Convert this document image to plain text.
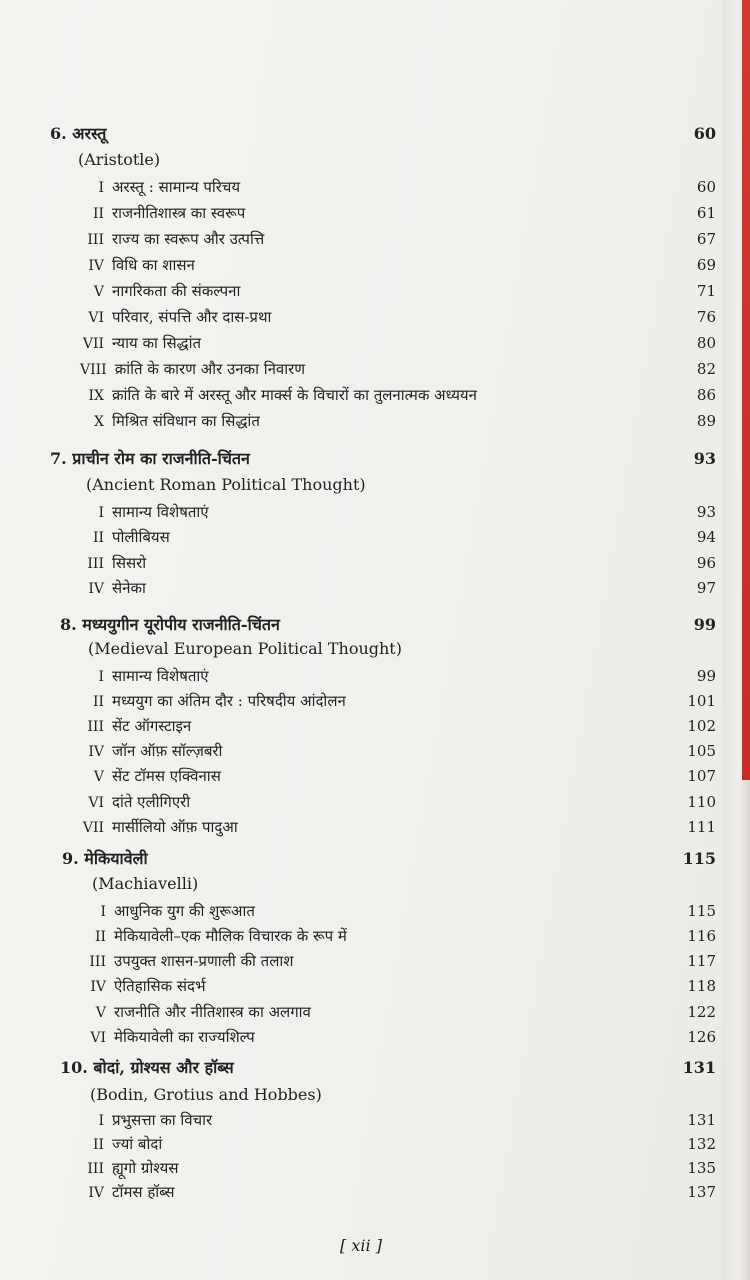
6. अरस्तू	60
(Aristotle)
I अरस्तू : सामान्य परिचय	60
II राजनीतिशास्त्र का स्वरूप	61
III राज्य का स्वरूप और उत्पत्ति	67
IV विधि का शासन	69
V नागरिकता की संकल्पना	71
VI परिवार, संपत्ति और दास-प्रथा	76
VII न्याय का सिद्धांत	80
VIII क्रांति के कारण और उनका निवारण	82
IX क्रांति के बारे में अरस्तू और मार्क्स के विचारों का तुलनात्मक अध्ययन	86
X मिश्रित संविधान का सिद्धांत	89
7. प्राचीन रोम का राजनीति-चिंतन	93
(Ancient Roman Political Thought)
I सामान्य विशेषताएं	93
II पोलीबियस	94
III सिसरो	96
IV सेनेका	97
8. मध्ययुगीन यूरोपीय राजनीति-चिंतन	99
(Medieval European Political Thought)
I सामान्य विशेषताएं	99
II मध्ययुग का अंतिम दौर : परिषदीय आंदोलन	101
III सेंट ऑगस्टाइन	102
IV जॉन ऑफ़ सॉल्ज़बरी	105
V सेंट टॉमस एक्विनास	107
VI दांते एलीगिएरी	110
VII मार्सीलियो ऑफ़ पादुआ	111
9. मेकियावेली	115
(Machiavelli)
I आधुनिक युग की शुरूआत	115
II मेकियावेली–एक मौलिक विचारक के रूप में	116
III उपयुक्त शासन-प्रणाली की तलाश	117
IV ऐतिहासिक संदर्भ	118
V राजनीति और नीतिशास्त्र का अलगाव	122
VI मेकियावेली का राज्यशिल्प	126
10. बोदां, ग्रोश्यस और हॉब्स	131
(Bodin, Grotius and Hobbes)
I प्रभुसत्ता का विचार	131
II ज्यां बोदां	132
III ह्यूगो ग्रोश्यस	135
IV टॉमस हॉब्स	137
[ xii ]
